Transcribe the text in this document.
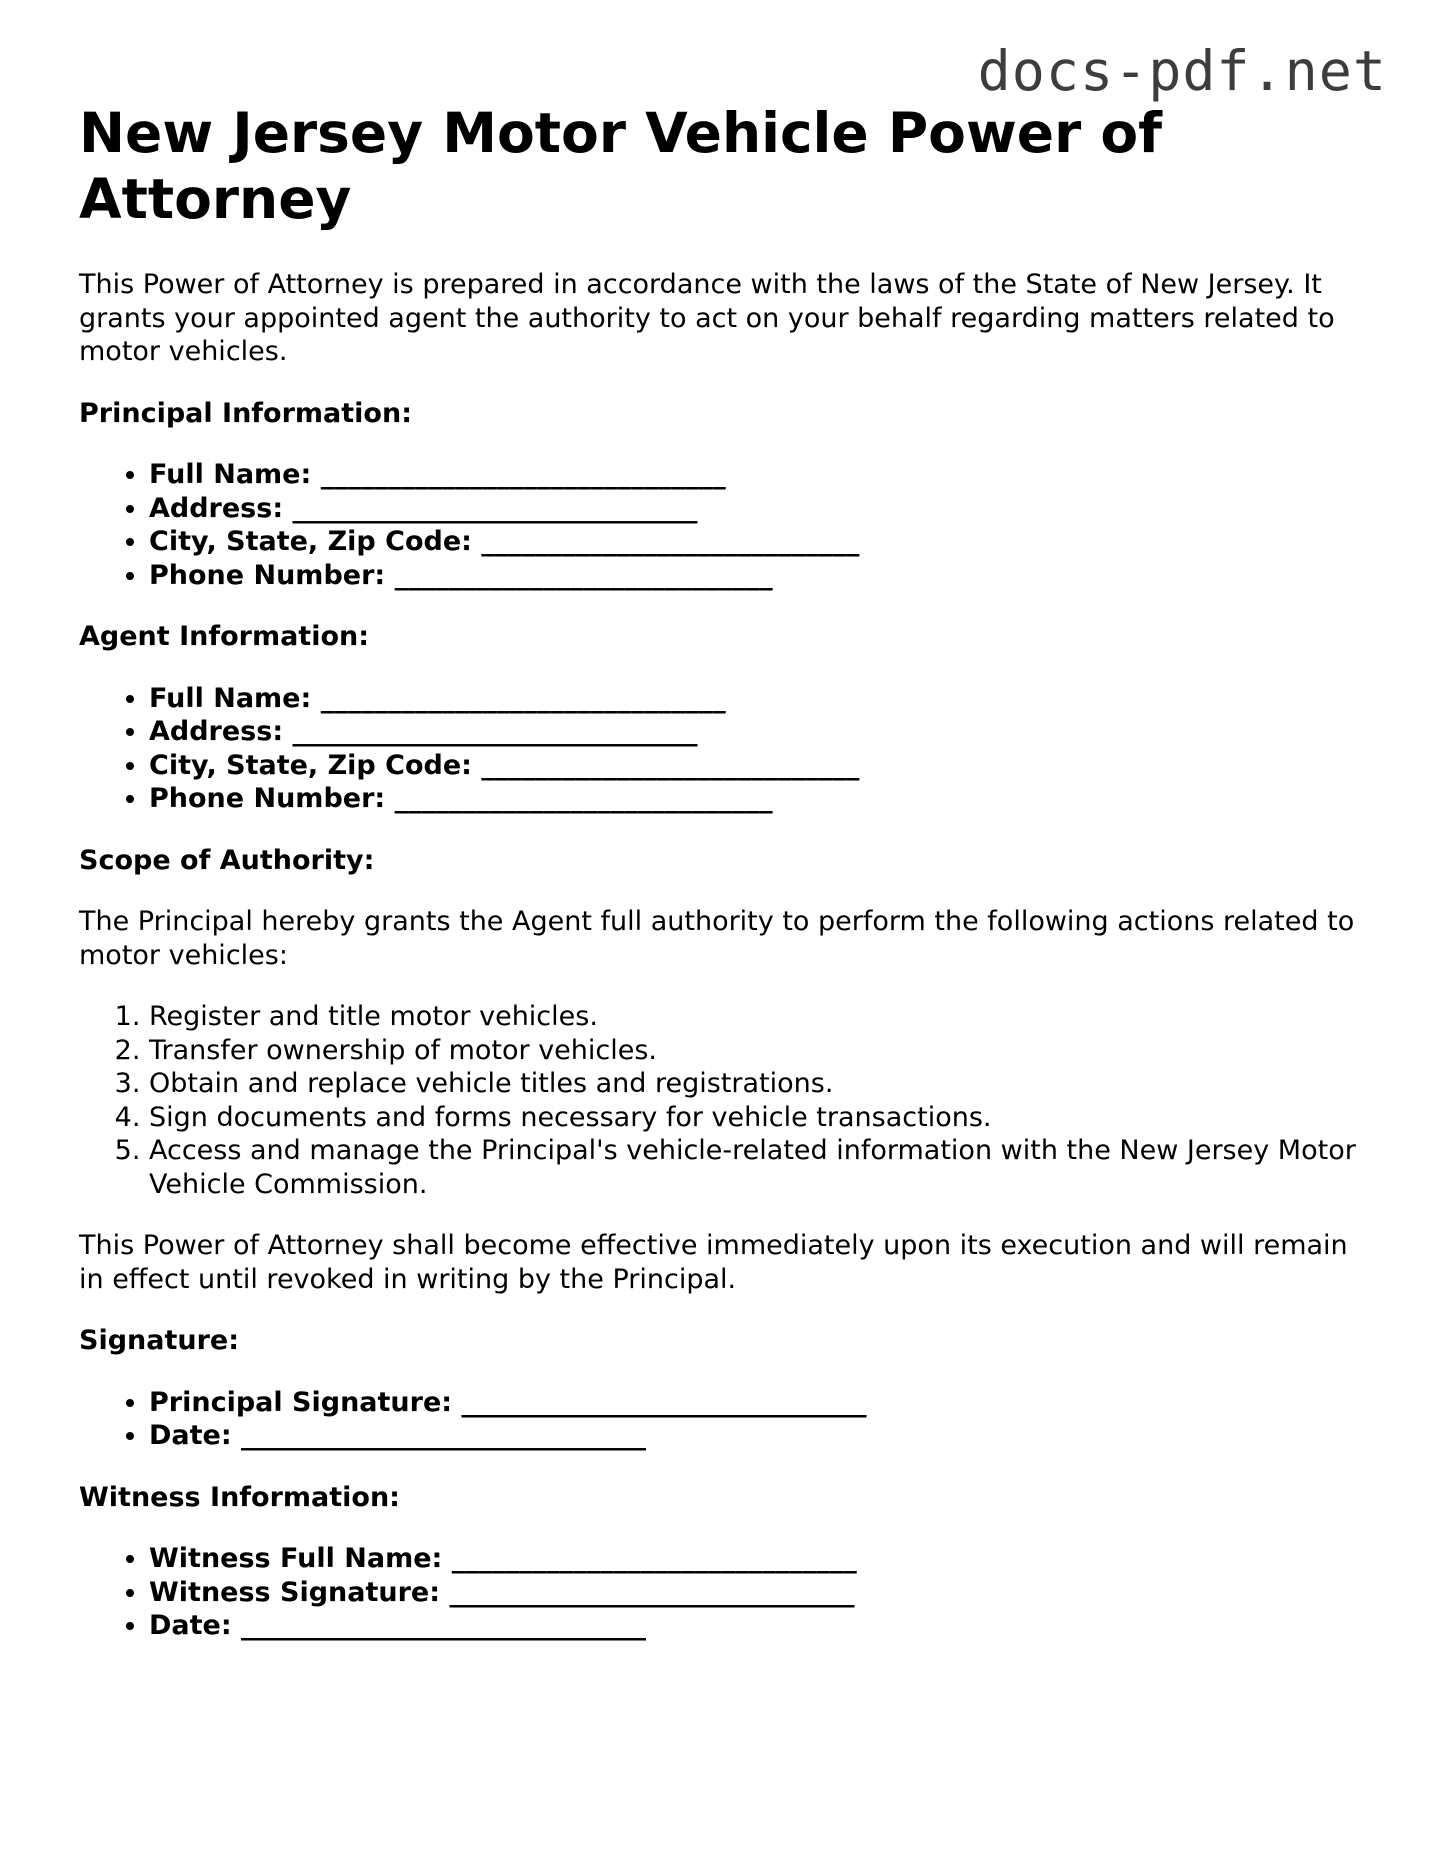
docs-pdf.net
New Jersey Motor Vehicle Power of Attorney

This Power of Attorney is prepared in accordance with the laws of the State of New Jersey. It grants your appointed agent the authority to act on your behalf regarding matters related to motor vehicles.

Principal Information:
• Full Name: ______________________________
• Address: ______________________________
• City, State, Zip Code: ____________________________
• Phone Number: ____________________________
Agent Information:
• Full Name: ______________________________
• Address: ______________________________
• City, State, Zip Code: ____________________________
• Phone Number: ____________________________
Scope of Authority:

The Principal hereby grants the Agent full authority to perform the following actions related to motor vehicles:

1. Register and title motor vehicles.
2. Transfer ownership of motor vehicles.
3. Obtain and replace vehicle titles and registrations.
4. Sign documents and forms necessary for vehicle transactions.
5. Access and manage the Principal's vehicle-related information with the New Jersey Motor Vehicle Commission.

This Power of Attorney shall become effective immediately upon its execution and will remain in effect until revoked in writing by the Principal.

Signature:
• Principal Signature: ______________________________
• Date: ______________________________
Witness Information:
• Witness Full Name: ______________________________
• Witness Signature: ______________________________
• Date: ______________________________
